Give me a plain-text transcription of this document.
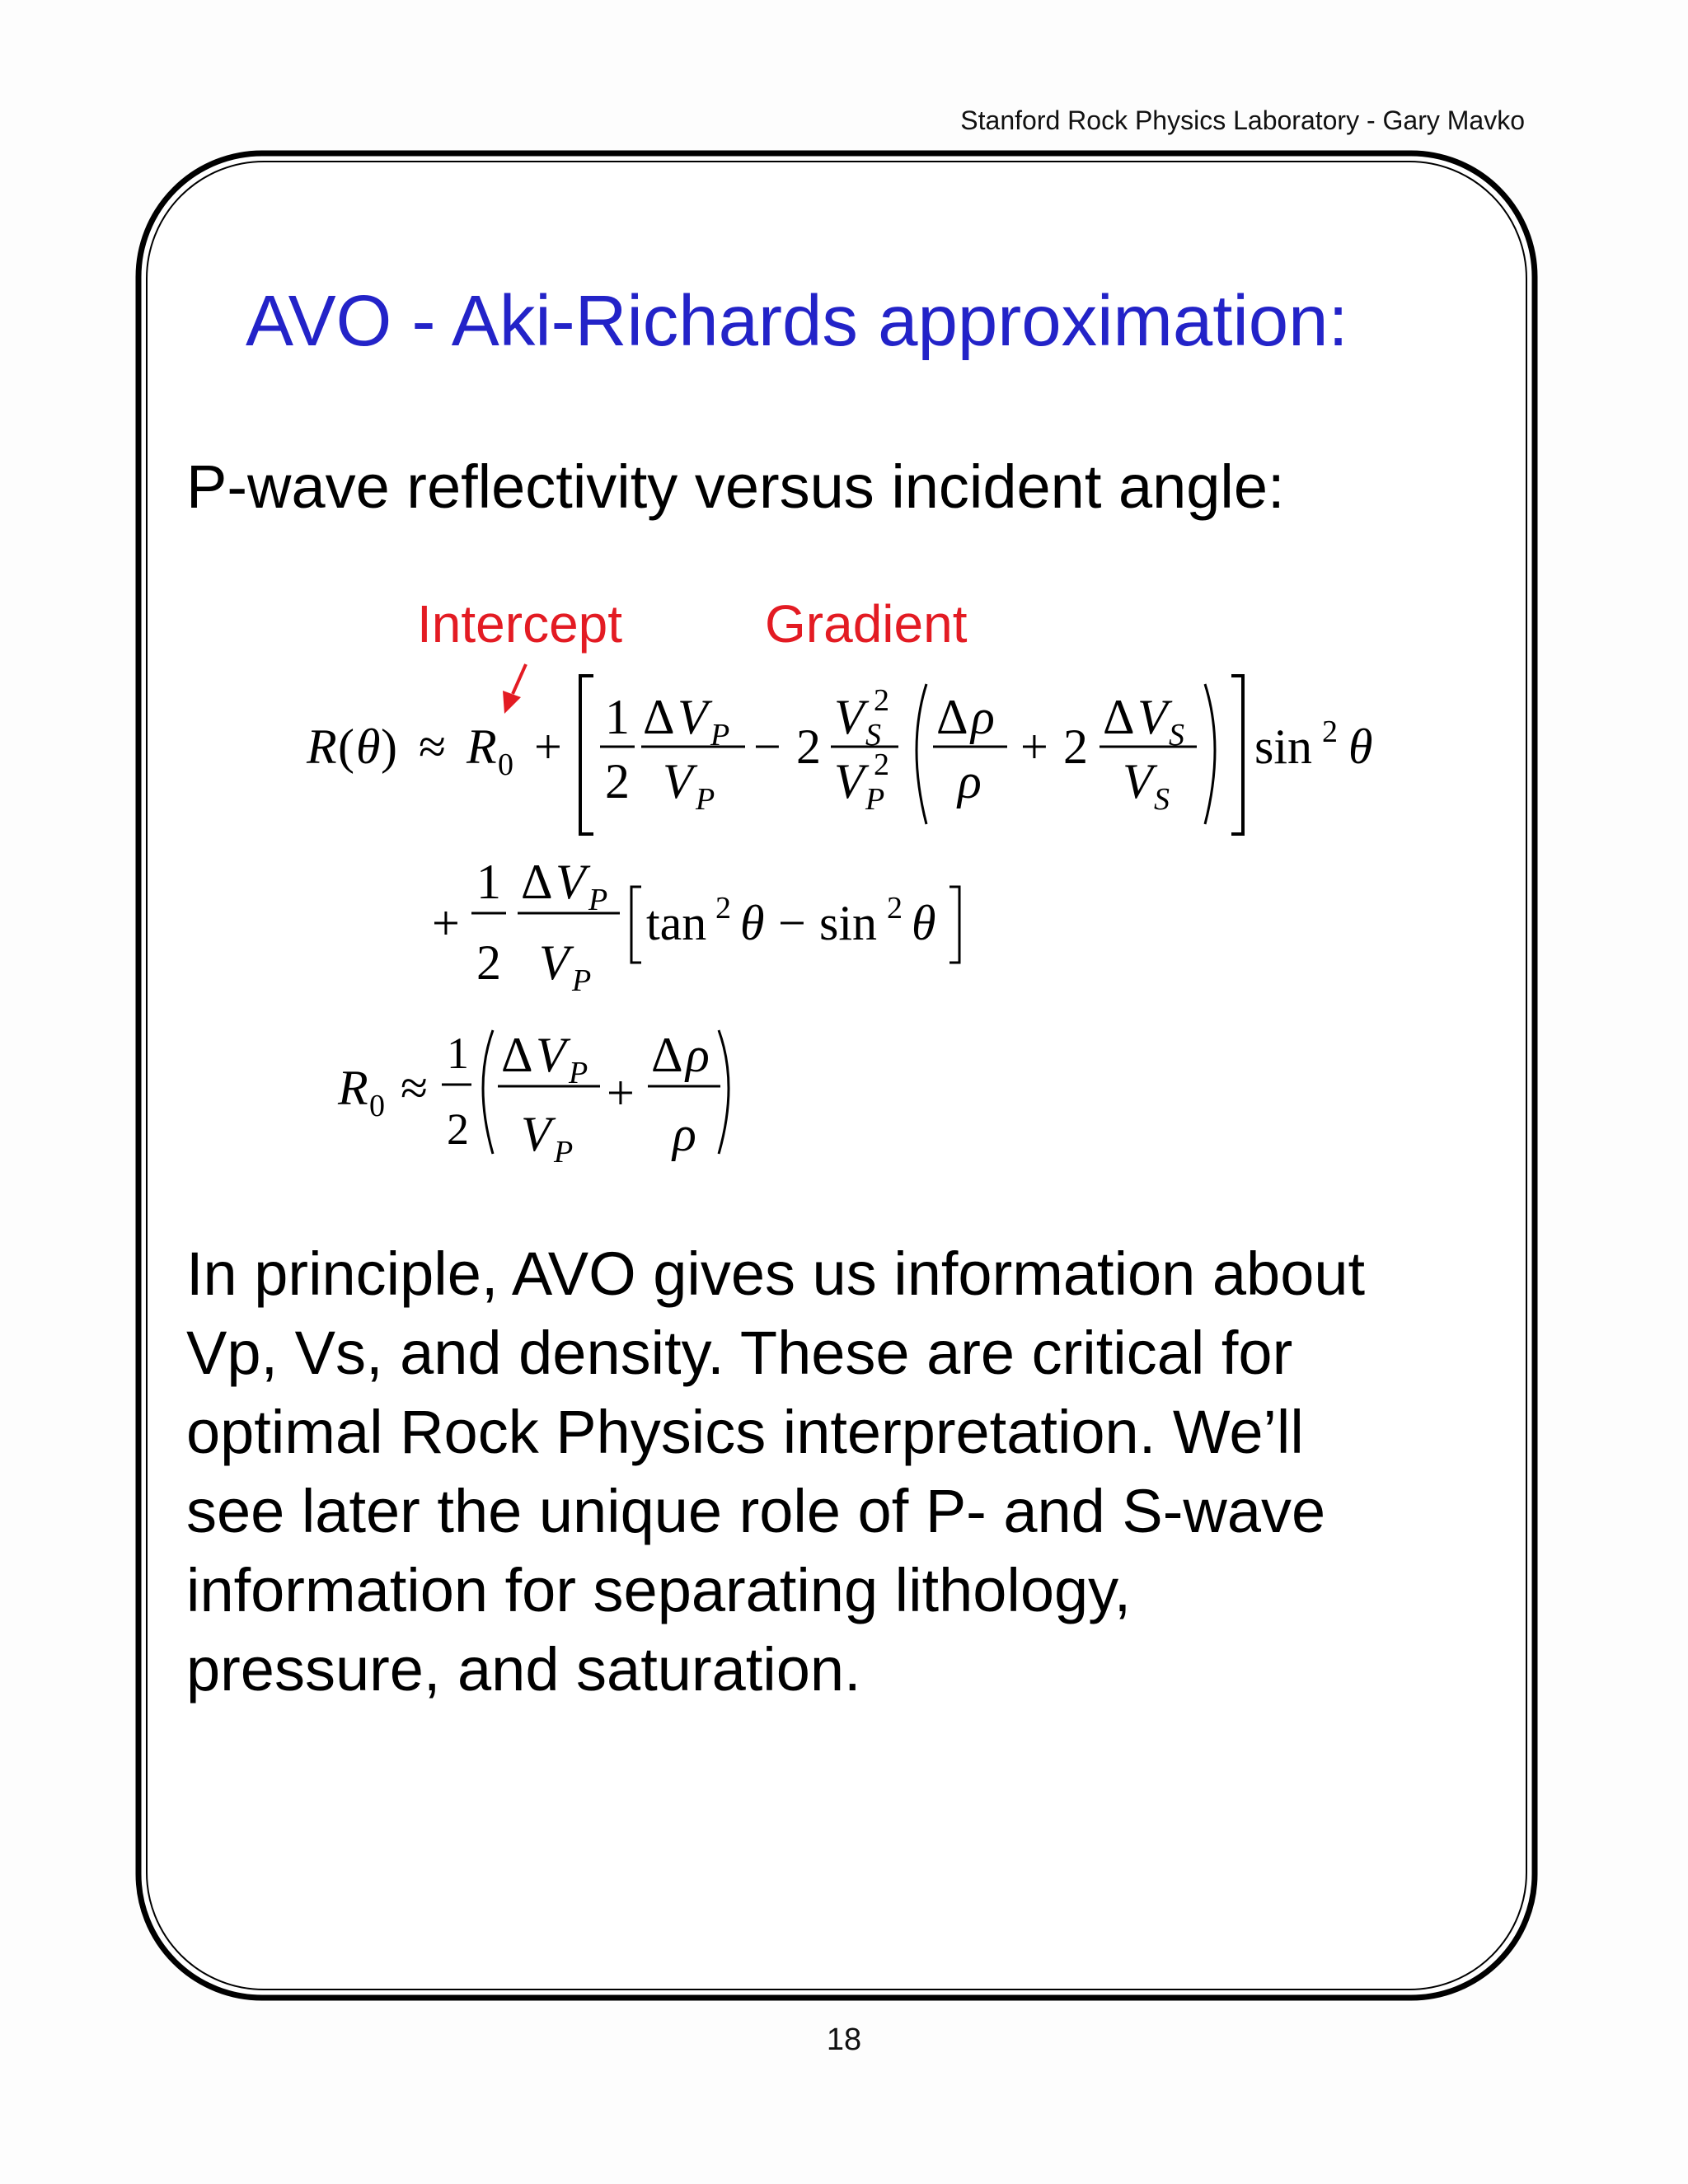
Stanford Rock Physics Laboratory - Gary Mavko
AVO - Aki-Richards approximation:
P-wave reflectivity versus incident angle:
Intercept	Gradient
R ( θ ) ≈ R 0 +
1
2
Δ V P
V P
− 2
V S
2
V P
2
Δ ρ
ρ
+ 2
Δ V S
V S
sin 2 θ
+
1
2
Δ V P
V P
tan 2 θ − sin 2 θ
R 0 ≈
1
2
Δ V P
V P
+
Δ ρ
ρ
In principle, AVO gives us information about
Vp, Vs, and density. These are critical for
optimal Rock Physics interpretation. We’ll
see later the unique role of P- and S-wave
information for separating lithology,
pressure, and saturation.
18
